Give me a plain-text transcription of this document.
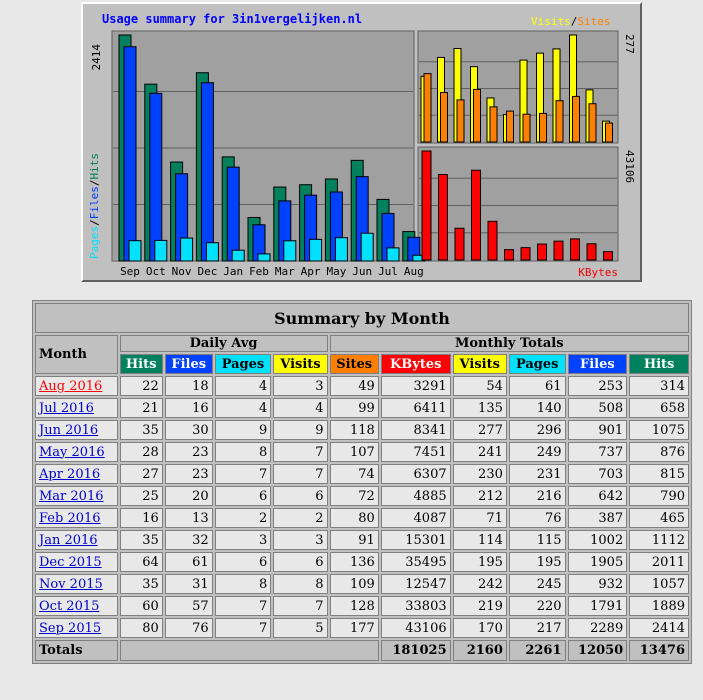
Usage summary for 3in1vergelijken.nl	Visits/Sites
2414
Pages/Files/Hits
277
43106
Sep Oct Nov Dec Jan Feb Mar Apr May Jun Jul Aug	KBytes
Summary by Month										
Month	Daily Avg				Monthly Totals					
	Hits	Files	Pages	Visits	Sites	KBytes	Visits	Pages	Files	Hits
Aug 2016	22	18	4	3	49	3291	54	61	253	314
Jul 2016	21	16	4	4	99	6411	135	140	508	658
Jun 2016	35	30	9	9	118	8341	277	296	901	1075
May 2016	28	23	8	7	107	7451	241	249	737	876
Apr 2016	27	23	7	7	74	6307	230	231	703	815
Mar 2016	25	20	6	6	72	4885	212	216	642	790
Feb 2016	16	13	2	2	80	4087	71	76	387	465
Jan 2016	35	32	3	3	91	15301	114	115	1002	1112
Dec 2015	64	61	6	6	136	35495	195	195	1905	2011
Nov 2015	35	31	8	8	109	12547	242	245	932	1057
Oct 2015	60	57	7	7	128	33803	219	220	1791	1889
Sep 2015	80	76	7	5	177	43106	170	217	2289	2414
Totals						181025	2160	2261	12050	13476
